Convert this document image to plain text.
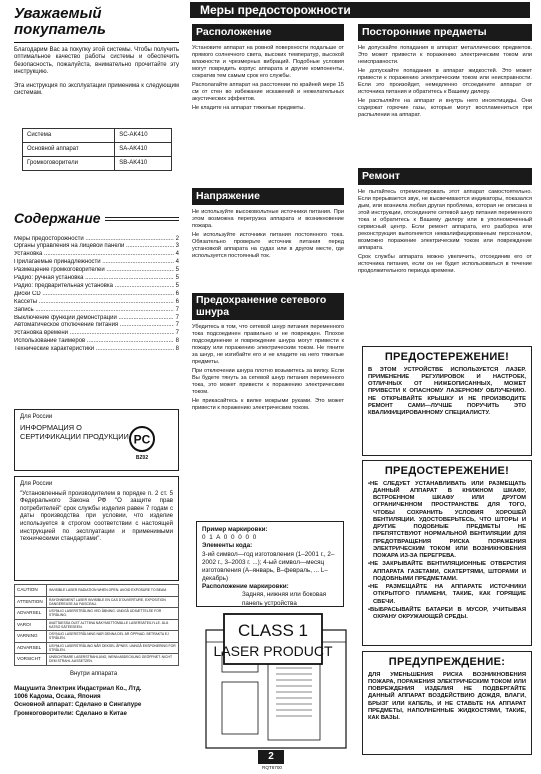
Уважаемый покупатель

Благодарим Вас за покупку этой системы. Чтобы получить оптимальное качество работы системы и обеспечить безопасность, пожалуйста, внимательно прочитайте эту инструкцию.

Эта инструкция по эксплуатации применима к следующим системам.

Система	SC-AK410
Основной аппарат	SA-AK410
Громкоговорители	SB-AK410
Содержание
Меры предосторожности .....	2
Органы управления на лицевой панели .....	3
Установка .....	4
Прилагаемые принадлежности .....	4
Размещение громкоговорителей .....	5
Радио: ручная установка .....	5
Радио: предварительная установка .....	5
Диски CD .....	6
Кассеты .....	6
Запись .....	7
Выключение функции демонстрации .....	7
Автоматическое отключение питания .....	7
Установка времени .....	7
Использование таймеров .....	8
Технические характеристики .....	8
Для России
ИНФОРМАЦИЯ О СЕРТИФИКАЦИИ ПРОДУКЦИИ PC
BZ02
Для России

"Установленный производителем в порядке п. 2 ст. 5 Федерального Закона РФ "О защите прав потребителей" срок службы изделия равен 7 годам с даты производства при условии, что изделие используется в строгом соответствии с настоящей инструкцией по эксплуатации и применимыми техническими стандартами".

CAUTION	INVISIBLE LASER RADIATION WHEN OPEN. AVOID EXPOSURE TO BEAM.
ATTENTION	RAYONNEMENT LASER INVISIBLE EN CAS D'OUVERTURE. EXPOSITION DANGEREUSE AU FAISCEAU.
ADVARSEL	USYNLIG LASERSTRÅLING VED ÅBNING. UNDGÅ UDSÆTTELSE FOR STRÅLING.
VARO!	AVATTAESSA OLET ALTTIINA NÄKYMÄTTÖMÄLLE LASERSÄTEILYLLE. ÄLÄ KATSO SÄTEESEEN.
VARNING	OSYNLIG LASERSTRÅLNING NÄR DENNA DEL ÄR ÖPPNAD. BETRAKTA EJ STRÅLEN.
ADVARSEL	USYNLIG LASERSTRÅLING NÅR DEKSEL ÅPNES. UNNGÅ EKSPONERING FOR STRÅLEN.
VORSICHT	UNSICHTBARE LASERSTRAHLUNG, WENN ABDECKUNG GEÖFFNET. NICHT DEM STRAHL AUSSETZEN.
Внутри аппарата
Мацушита Электрик Индастриал Ко., Лтд.
1006 Кадома, Осака, Япония
Основной аппарат: Сделано в Сингапуре
Громкоговорители: Сделано в Китае
Меры предосторожности
Расположение

Установите аппарат на ровной поверхности подальше от прямого солнечного света, высоких температур, высокой влажности и чрезмерных вибраций. Подобные условия могут повредить корпус аппарата и другие компоненты, сократив тем самым срок его службы.

Располагайте аппарат на расстоянии по крайней мере 15 см от стен во избежание искажений и нежелательных акустических эффектов.

Не кладите на аппарат тяжелые предметы.

Напряжение

Не используйте высоковольтные источники питания. При этом возможна перегрузка аппарата и возникновение пожара.

Не используйте источники питания постоянного тока. Обязательно проверьте источник питания перед установкой аппарата на судах или в другом месте, где используется постоянный ток.

Предохранение сетевого шнура

Убедитесь в том, что сетевой шнур питания переменного тока подсоединен правильно и не поврежден. Плохое подсоединение и повреждение шнура могут привести к пожару или поражению электрическим током. Не тяните за шнур, не изгибайте его и не кладите на него тяжелые предметы.

При отключении шнура плотно возьмитесь за вилку. Если Вы будете тянуть за сетевой шнур питания переменного тока, это может привести к поражению электрическим током.

Не прикасайтесь к вилке мокрыми руками. Это может привести к поражению электрическим током.

Пример маркировки:
0 1 A 0 0 0 0 0
Элементы кода:
3-ий символ—год изготовления (1–2001 г., 2–2002 г., 3–2003 г. ...); 4-ый символ—месяц изготовления (А–январь, В–февраль, ... L–декабрь)
Расположение маркировки:
Задняя, нижняя или боковая панель устройства
CLASS 1
LASER PRODUCT
Посторонние предметы

Не допускайте попадания в аппарат металлических предметов. Это может привести к поражению электрическим током или неисправности.

Не допускайте попадания в аппарат жидкостей. Это может привести к поражению электрическим током или неисправности. Если это произойдет, немедленно отсоедините аппарат от источника питания и обратитесь к Вашему дилеру.

Не распыляйте на аппарат и внутрь него инсектициды. Они содержат горючие газы, которые могут воспламениться при распылении на аппарат.

Ремонт

Не пытайтесь отремонтировать этот аппарат самостоятельно. Если прерывается звук, не высвечиваются индикаторы, показался дым, или возникла любая другая проблема, которая не описана в этой инструкции, отсоедините сетевой шнур питания переменного тока и обратитесь к Вашему дилеру или в уполномоченный сервисный центр. Если ремонт аппарата, его разборка или реконструкция выполняется неквалифицированным персоналом, возможно поражение электрическим током или повреждение аппарата.

Срок службы аппарата можно увеличить, отсоединив его от источника питания, если он не будет использоваться в течение продолжительного периода времени.

ПРЕДОСТЕРЕЖЕНИЕ!
В ЭТОМ УСТРОЙСТВЕ ИСПОЛЬЗУЕТСЯ ЛАЗЕР. ПРИМЕНЕНИЕ РЕГУЛИРОВОК И НАСТРОЕК, ОТЛИЧНЫХ ОТ НИЖЕОПИСАННЫХ, МОЖЕТ ПРИВЕСТИ К ОПАСНОМУ ЛАЗЕРНОМУ ОБЛУЧЕНИЮ. НЕ ОТКРЫВАЙТЕ КРЫШКУ И НЕ ПРОИЗВОДИТЕ РЕМОНТ САМИ—ЛУЧШЕ ПОРУЧИТЬ ЭТО КВАЛИФИЦИРОВАННОМУ СПЕЦИАЛИСТУ.
ПРЕДОСТЕРЕЖЕНИЕ!
•НЕ СЛЕДУЕТ УСТАНАВЛИВАТЬ ИЛИ РАЗМЕЩАТЬ ДАННЫЙ АППАРАТ В КНИЖНОМ ШКАФУ, ВСТРОЕННОМ ШКАФУ ИЛИ ДРУГОМ ОГРАНИЧЕННОМ ПРОСТРАНСТВЕ ДЛЯ ТОГО, ЧТОБЫ СОХРАНИТЬ УСЛОВИЯ ХОРОШЕЙ ВЕНТИЛЯЦИИ. УДОСТОВЕРЬТЕСЬ, ЧТО ШТОРЫ И ДРУГИЕ ПОДОБНЫЕ ПРЕДМЕТЫ НЕ ПРЕПЯТСТВУЮТ НОРМАЛЬНОЙ ВЕНТИЛЯЦИИ ДЛЯ ПРЕДОТВРАЩЕНИЯ РИСКА ПОРАЖЕНИЯ ЭЛЕКТРИЧЕСКИМ ТОКОМ ИЛИ ВОЗНИКНОВЕНИЯ ПОЖАРА ИЗ-ЗА ПЕРЕГРЕВА.
•НЕ ЗАКРЫВАЙТЕ ВЕНТИЛЯЦИОННЫЕ ОТВЕРСТИЯ АППАРАТА ГАЗЕТАМИ, СКАТЕРТЯМИ, ШТОРАМИ И ПОДОБНЫМИ ПРЕДМЕТАМИ.
•НЕ РАЗМЕЩАЙТЕ НА АППАРАТЕ ИСТОЧНИКИ ОТКРЫТОГО ПЛАМЕНИ, ТАКИЕ, КАК ГОРЯЩИЕ СВЕЧИ.
•ВЫБРАСЫВАЙТЕ БАТАРЕИ В МУСОР, УЧИТЫВАЯ ОХРАНУ ОКРУЖАЮЩЕЙ СРЕДЫ.
ПРЕДУПРЕЖДЕНИЕ:
ДЛЯ УМЕНЬШЕНИЯ РИСКА ВОЗНИКНОВЕНИЯ ПОЖАРА, ПОРАЖЕНИЯ ЭЛЕКТРИЧЕСКИМ ТОКОМ ИЛИ ПОВРЕЖДЕНИЯ ИЗДЕЛИЯ НЕ ПОДВЕРГАЙТЕ ДАННЫЙ АППАРАТ ВОЗДЕЙСТВИЮ ДОЖДЯ, ВЛАГИ, БРЫЗГ ИЛИ КАПЕЛЬ, И НЕ СТАВЬТЕ НА АППАРАТ ПРЕДМЕТЫ, НАПОЛНЕННЫЕ ЖИДКОСТЯМИ, ТАКИЕ, КАК ВАЗЫ.
2
RQT6700
